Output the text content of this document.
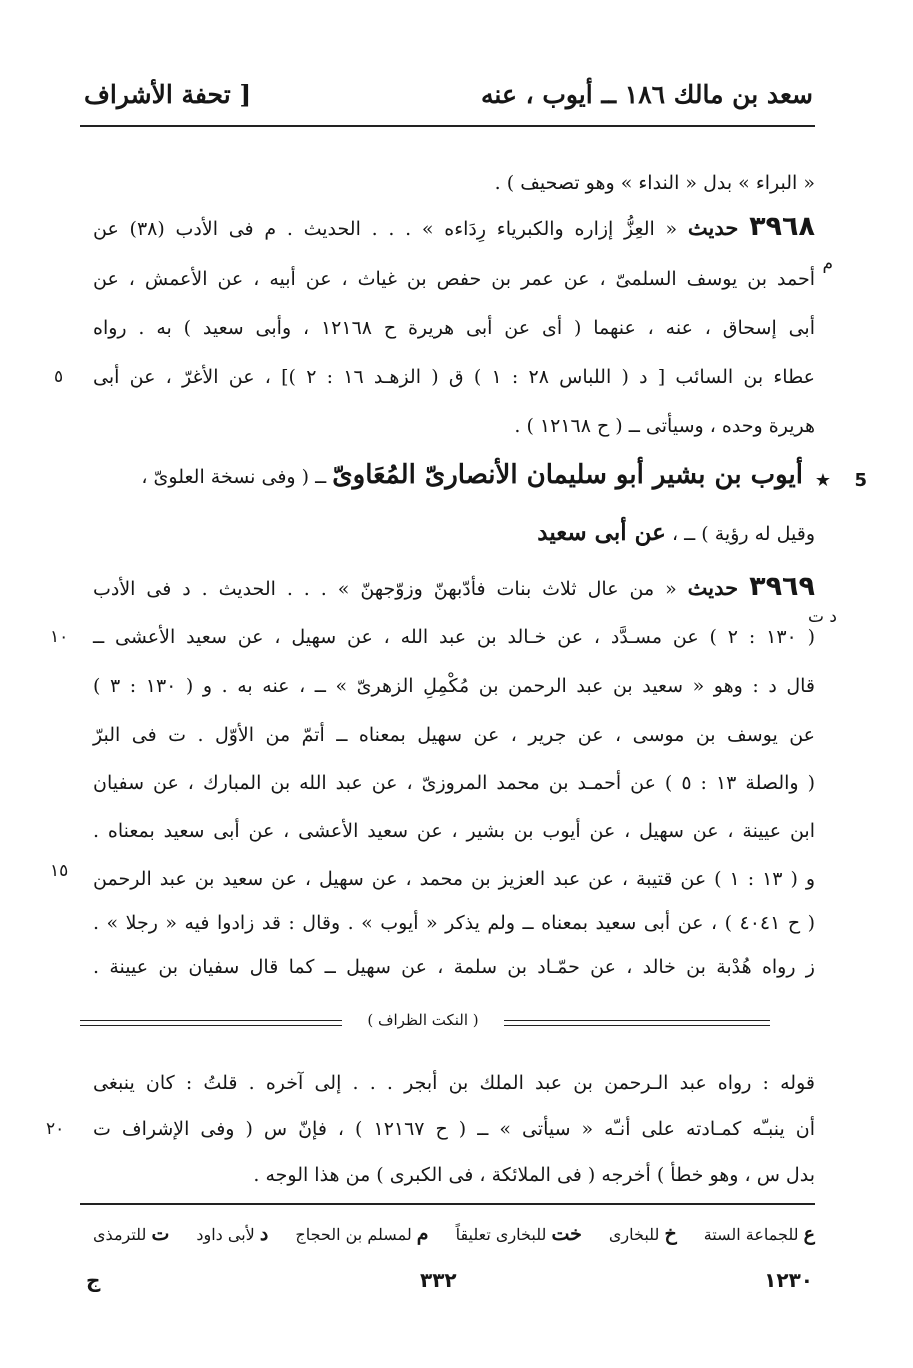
سعد بن مالك ١٨٦ ــ أيوب ، عنه
[ تحفة الأشراف
« البراء » بدل « النداء » وهو تصحيف ) .
٣٩٦٨ حديث « العِزُّ إزاره والكبرياء رِدَاءه » . . . الحديث . م فى الأدب (٣٨) عن
م
أحمد بن يوسف السلمىّ ، عن عمر بن حفص بن غياث ، عن أبيه ، عن الأعمش ، عن
أبى إسحاق ، عنه ، عنهما ( أى عن أبى هريرة ح ١٢١٦٨ ، وأبى سعيد ) به . رواه
عطاء بن السائب [ د ( اللباس ٢٨ : ١ ) ق ( الزهـد ١٦ : ٢ )] ، عن الأغرّ ، عن أبى
٥
هريرة وحده ، وسيأتى ــ ( ح ١٢١٦٨ ) .
★ 5
أيوب بن بشير أبو سليمان الأنصارىّ المُعَاوىّ ــ ( وفى نسخة العلوىّ ،
وقيل له رؤية ) ــ ، عن أبى سعيد
٣٩٦٩ حديث « من عال ثلاث بنات فأدّبهنّ وزوّجهنّ » . . . الحديث . د فى الأدب
د ت
( ١٣٠ : ٢ ) عن مسـدَّد ، عن خـالد بن عبد الله ، عن سهيل ، عن سعيد الأعشى ــ
١٠
قال د : وهو « سعيد بن عبد الرحمن بن مُكْمِلِ الزهرىّ » ــ ، عنه به . و ( ١٣٠ : ٣ )
عن يوسف بن موسى ، عن جرير ، عن سهيل بمعناه ــ أتمّ من الأوّل . ت فى البرّ
( والصلة ١٣ : ٥ ) عن أحمـد بن محمد المروزىّ ، عن عبد الله بن المبارك ، عن سفيان
ابن عيينة ، عن سهيل ، عن أيوب بن بشير ، عن سعيد الأعشى ، عن أبى سعيد بمعناه .
و ( ١٣ : ١ ) عن قتيبة ، عن عبد العزيز بن محمد ، عن سهيل ، عن سعيد بن عبد الرحمن
١٥
( ح ٤٠٤١ ) ، عن أبى سعيد بمعناه ــ ولم يذكر « أيوب » . وقال : قد زادوا فيه « رجلا » .
ز رواه هُدْبة بن خالد ، عن حمّـاد بن سلمة ، عن سهيل ــ كما قال سفيان بن عيينة .
( النكت الظراف )
قوله : رواه عبد الـرحمن بن عبد الملك بن أبجر . . . إلى آخره . قلتُ : كان ينبغى
أن ينبـّه كمـادته على أنـّه « سيأتى » ــ ( ح ١٢١٦٧ ) ، فإنّ س ( وفى الإشراف ت
٢٠
بدل س ، وهو خطأ ) أخرجه ( فى الملائكة ، فى الكبرى ) من هذا الوجه .
ع للجماعة الستة
خ للبخارى
خت للبخارى تعليقاً
م لمسلم بن الحجاج
د لأبى داود
ت للترمذى
١٢٣٠
٣٣٢
ج
